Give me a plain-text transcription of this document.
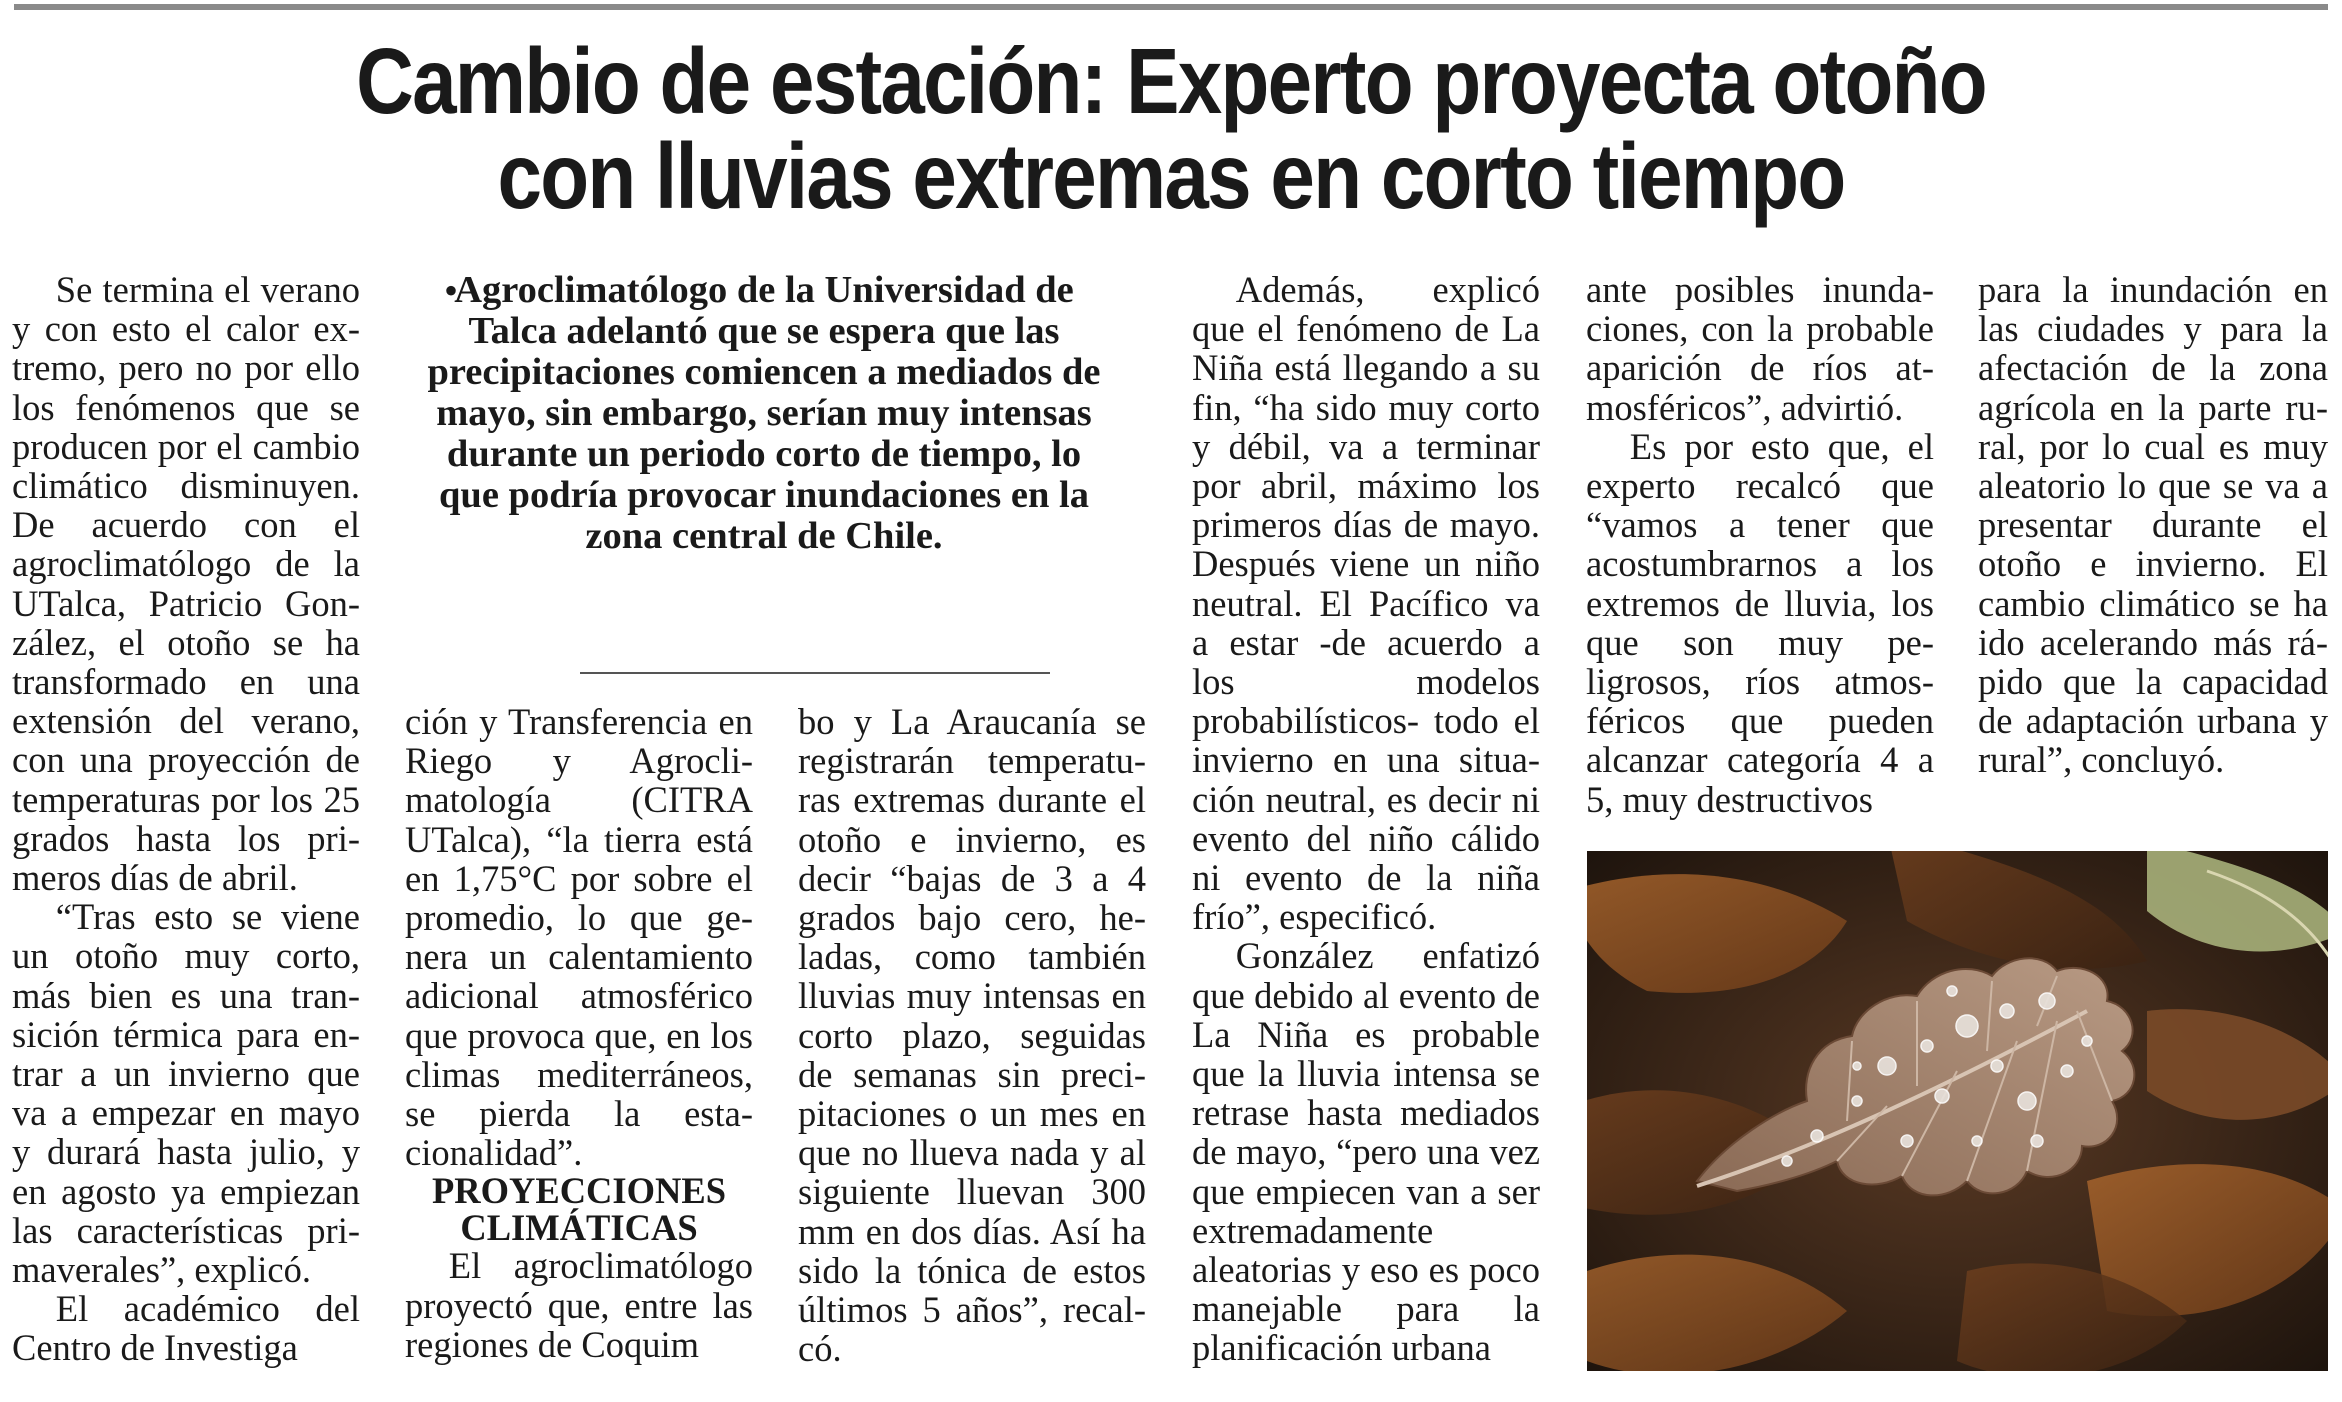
Cambio de estación: Experto proyecta otoño
con lluvias extremas en corto tiempo

Se termina el verano y con esto el calor extremo, pero no por ello los fenómenos que se producen por el cambio climático disminuyen. De acuerdo con el agroclimatólogo de la UTalca, Patricio González, el otoño se ha transformado en una extensión del verano, con una proyección de temperaturas por los 25 grados hasta los primeros días de abril.

“Tras esto se viene un otoño muy corto, más bien es una transición térmica para entrar a un invierno que va a empezar en mayo y durará hasta julio, y en agosto ya empiezan las características primaverales”, explicó.

El académico del Centro de Investiga

•
Agroclimatólogo de la Universidad de Talca adelantó que se espera que las precipitaciones comiencen a mediados de mayo, sin embargo, serían muy intensas durante un periodo corto de tiempo, lo que podría provocar inundaciones en la zona central de Chile.

ción y Transferencia en Riego y Agroclimatología (CITRA UTalca), “la tierra está en 1,75°C por sobre el promedio, lo que genera un calentamiento adicional atmosférico que provoca que, en los climas mediterráneos, se pierda la estacionalidad”.

PROYECCIONES CLIMÁTICAS

El agroclimatólogo proyectó que, entre las regiones de Coquim

bo y La Araucanía se registrarán temperaturas extremas durante el otoño e invierno, es decir “bajas de 3 a 4 grados bajo cero, heladas, como también lluvias muy intensas en corto plazo, seguidas de semanas sin precipitaciones o un mes en que no llueva nada y al siguiente lluevan 300 mm en dos días. Así ha sido la tónica de estos últimos 5 años”, recalcó.

Además, explicó que el fenómeno de La Niña está llegando a su fin, “ha sido muy corto y débil, va a terminar por abril, máximo los primeros días de mayo. Después viene un niño neutral. El Pacífico va a estar -de acuerdo a los modelos probabilísticos- todo el invierno en una situación neutral, es decir ni evento del niño cálido ni evento de la niña frío”, especificó.

González enfatizó que debido al evento de La Niña es probable que la lluvia intensa se retrase hasta mediados de mayo, “pero una vez que empiecen van a ser extremadamente aleatorias y eso es poco manejable para la planificación urbana

ante posibles inundaciones, con la probable aparición de ríos atmosféricos”, advirtió.

Es por esto que, el experto recalcó que “vamos a tener que acostumbrarnos a los extremos de lluvia, los que son muy peligrosos, ríos atmosféricos que pueden alcanzar categoría 4 a 5, muy destructivos

para la inundación en las ciudades y para la afectación de la zona agrícola en la parte rural, por lo cual es muy aleatorio lo que se va a presentar durante el otoño e invierno. El cambio climático se ha ido acelerando más rápido que la capacidad de adaptación urbana y rural”, concluyó.
